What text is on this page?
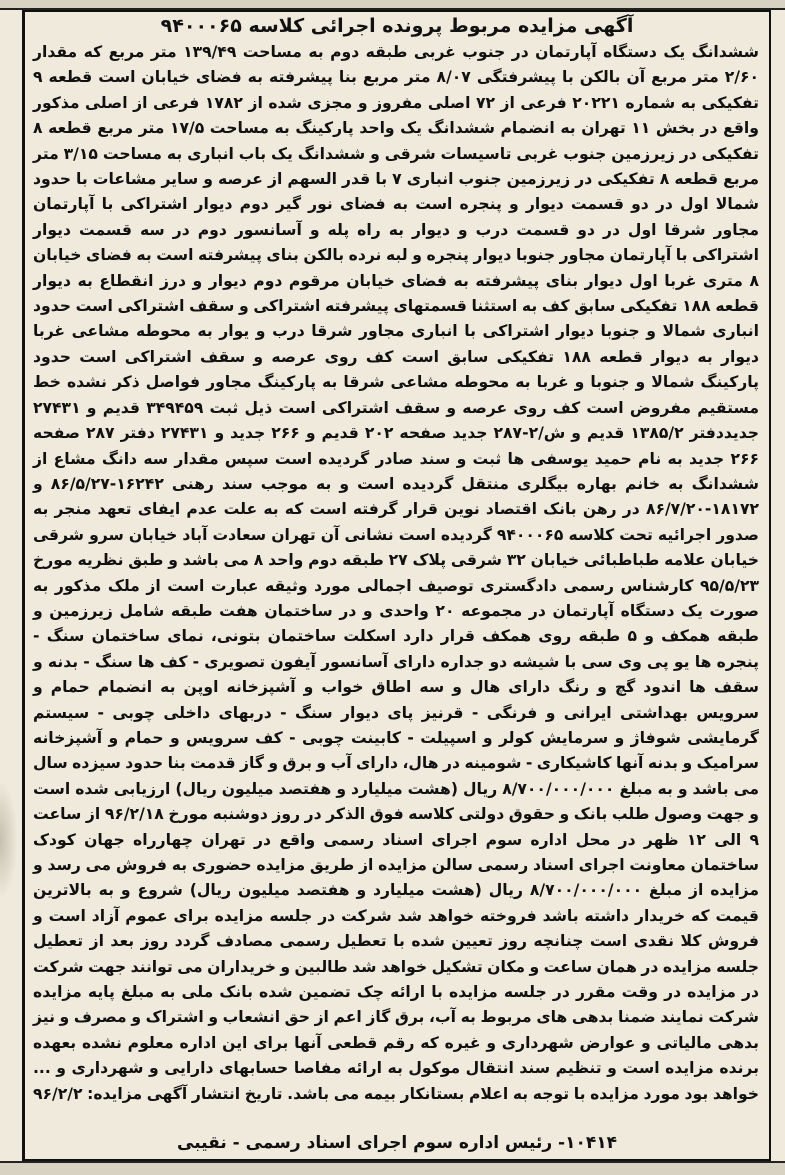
آگهی مزایده مربوط پرونده اجرائی کلاسه ۹۴۰۰۰۶۵

ششدانگ یک دستگاه آپارتمان در جنوب غربی طبقه دوم به مساحت ۱۳۹/۴۹ متر مربع که مقدار ۲/۶۰ متر مربع آن بالکن با پیشرفتگی ۸/۰۷ متر مربع بنا پیشرفته به فضای خیابان است قطعه ۹ تفکیکی به شماره ۲۰۲۲۱ فرعی از ۷۲ اصلی مفروز و مجزی شده از ۱۷۸۲ فرعی از اصلی مذکور واقع در بخش ۱۱ تهران به انضمام ششدانگ یک واحد پارکینگ به مساحت ۱۷/۵ متر مربع قطعه ۸ تفکیکی در زیرزمین جنوب غربی تاسیسات شرقی و ششدانگ یک باب انباری به مساحت ۳/۱۵ متر مربع قطعه ۸ تفکیکی در زیرزمین جنوب انباری ۷ با قدر السهم از عرصه و سایر مشاعات با حدود شمالا اول در دو قسمت دیوار و پنجره است به فضای نور گیر دوم دیوار اشتراکی با آپارتمان مجاور شرقا اول در دو قسمت درب و دیوار به راه پله و آسانسور دوم در سه قسمت دیوار اشتراکی با آپارتمان مجاور جنوبا دیوار پنجره و لبه نرده بالکن بنای پیشرفته است به فضای خیابان ۸ متری غربا اول دیوار بنای پیشرفته به فضای خیابان مرقوم دوم دیوار و درز انقطاع به دیوار قطعه ۱۸۸ تفکیکی سابق کف به استثنا قسمتهای پیشرفته اشتراکی و سقف اشتراکی است حدود انباری شمالا و جنوبا دیوار اشتراکی با انباری مجاور شرقا درب و یوار به محوطه مشاعی غربا دیوار به دیوار قطعه ۱۸۸ تفکیکی سابق است کف روی عرصه و سقف اشتراکی است حدود پارکینگ شمالا و جنوبا و غربا به محوطه مشاعی شرقا به پارکینگ مجاور فواصل ذکر نشده خط مستقیم مفروض است کف روی عرصه و سقف اشتراکی است ذیل ثبت ۳۴۹۴۵۹ قدیم و ۲۷۴۳۱ جدیددفتر ۱۳۸۵/۲ قدیم و ش/۲-۲۸۷ جدید صفحه ۲۰۲ قدیم و ۲۶۶ جدید و ۲۷۴۳۱ دفتر ۲۸۷ صفحه ۲۶۶ جدید به نام حمید یوسفی ها ثبت و سند صادر گردیده است سپس مقدار سه دانگ مشاع از ششدانگ به خانم بهاره بیگلری منتقل گردیده است و به موجب سند رهنی ۱۶۲۴۲-۸۶/۵/۲۷ و ۱۸۱۷۲-۸۶/۷/۲۰ در رهن بانک اقتصاد نوین قرار گرفته است که به علت عدم ایفای تعهد منجر به صدور اجرائیه تحت کلاسه ۹۴۰۰۰۶۵ گردیده است نشانی آن تهران سعادت آباد خیابان سرو شرقی خیابان علامه طباطبائی خیابان ۳۲ شرقی پلاک ۲۷ طبقه دوم واحد ۸ می باشد و طبق نظریه مورخ ۹۵/۵/۲۳ کارشناس رسمی دادگستری توصیف اجمالی مورد وثیقه عبارت است از ملک مذکور به صورت یک دستگاه آپارتمان در مجموعه ۲۰ واحدی و در ساختمان هفت طبقه شامل زیرزمین و طبقه همکف و ۵ طبقه روی همکف قرار دارد اسکلت ساختمان بتونی، نمای ساختمان سنگ - پنجره ها یو پی وی سی با شیشه دو جداره دارای آسانسور آیفون تصویری - کف ها سنگ - بدنه و سقف ها اندود گچ و رنگ دارای هال و سه اطاق خواب و آشپزخانه اوپن به انضمام حمام و سرویس بهداشتی ایرانی و فرنگی - قرنیز پای دیوار سنگ - دربهای داخلی چوبی - سیستم گرمایشی شوفاژ و سرمایش کولر و اسپیلت - کابینت چوبی - کف سرویس و حمام و آشپزخانه سرامیک و بدنه آنها کاشیکاری - شومینه در هال، دارای آب و برق و گاز قدمت بنا حدود سیزده سال می باشد و به مبلغ ۸/۷۰۰/۰۰۰/۰۰۰ ریال (هشت میلیارد و هفتصد میلیون ریال) ارزیابی شده است و جهت وصول طلب بانک و حقوق دولتی کلاسه فوق الذکر در روز دوشنبه مورخ ۹۶/۲/۱۸ از ساعت ۹ الی ۱۲ ظهر در محل اداره سوم اجرای اسناد رسمی واقع در تهران چهارراه جهان کودک ساختمان معاونت اجرای اسناد رسمی سالن مزایده از طریق مزایده حضوری به فروش می رسد و مزایده از مبلغ ۸/۷۰۰/۰۰۰/۰۰۰ ریال (هشت میلیارد و هفتصد میلیون ریال) شروع و به بالاترین قیمت که خریدار داشته باشد فروخته خواهد شد شرکت در جلسه مزایده برای عموم آزاد است و فروش کلا نقدی است چنانچه روز تعیین شده با تعطیل رسمی مصادف گردد روز بعد از تعطیل جلسه مزایده در همان ساعت و مکان تشکیل خواهد شد طالبین و خریداران می توانند جهت شرکت در مزایده در وقت مقرر در جلسه مزایده با ارائه چک تضمین شده بانک ملی به مبلغ پایه مزایده شرکت نمایند ضمنا بدهی های مربوط به آب، برق گاز اعم از حق انشعاب و اشتراک و مصرف و نیز بدهی مالیاتی و عوارض شهرداری و غیره که رقم قطعی آنها برای این اداره معلوم نشده بعهده برنده مزایده است و تنظیم سند انتقال موکول به ارائه مفاصا حسابهای دارایی و شهرداری و ... خواهد بود مورد مزایده با توجه به اعلام بستانکار بیمه می باشد. تاریخ انتشار آگهی مزایده: ۹۶/۲/۲

۱۰۴۱۴- رئیس اداره سوم اجرای اسناد رسمی - نقیبی
